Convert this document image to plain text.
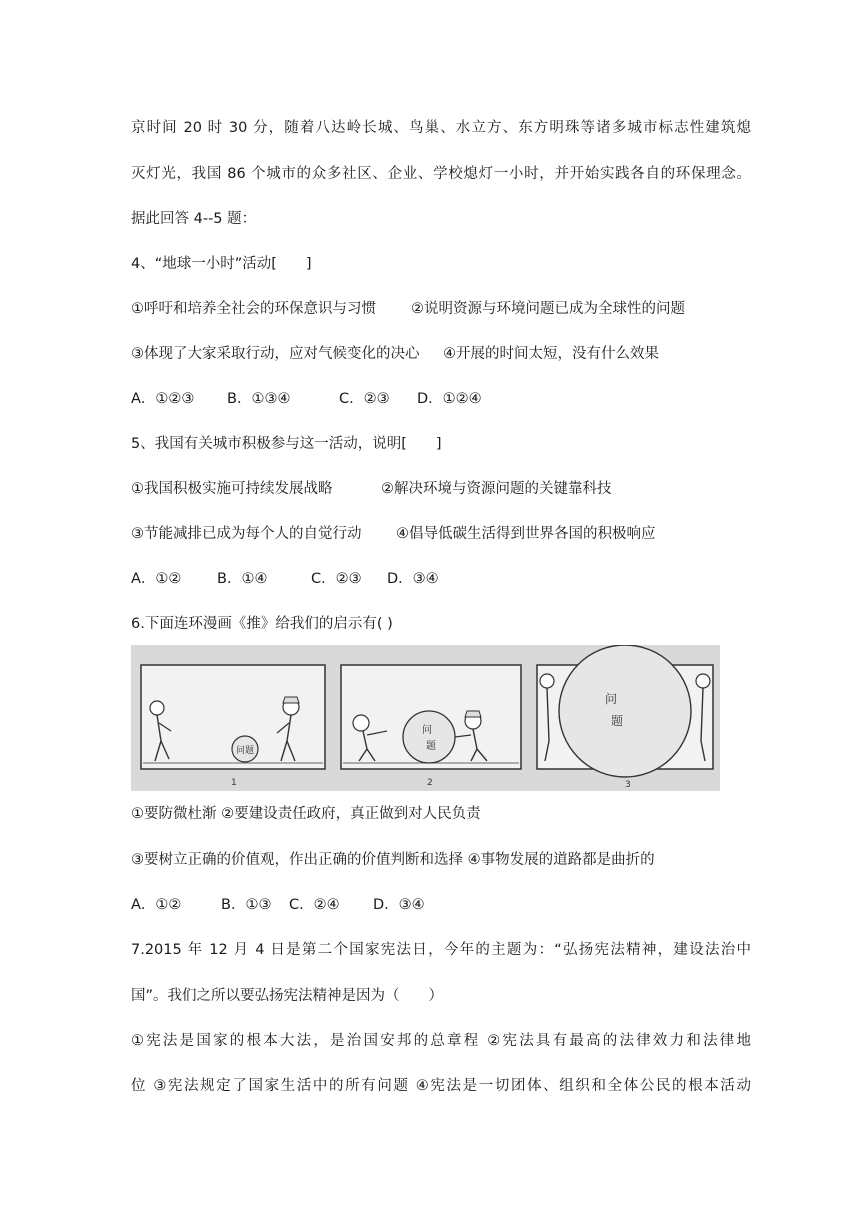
京时间 20 时 30 分，随着八达岭长城、鸟巢、水立方、东方明珠等诸多城市标志性建筑熄
灭灯光，我国 86 个城市的众多社区、企业、学校熄灯一小时，并开始实践各自的环保理念。
据此回答 4--5 题：
4、“地球一小时”活动[　　]
①呼吁和培养全社会的环保意识与习惯 ②说明资源与环境问题已成为全球性的问题
③体现了大家采取行动，应对气候变化的决心 ④开展的时间太短，没有什么效果
A．①②③ B．①③④	C．②③ D．①②④
5、我国有关城市积极参与这一活动，说明[　　]
①我国积极实施可持续发展战略	②解决环境与资源问题的关键靠科技
③节能减排已成为每个人的自觉行动 ④倡导低碳生活得到世界各国的积极响应
A．①② B．①④	C．②③ D．③④
6.下面连环漫画《推》给我们的启示有( )
问题
1
问
题
2
问
题
3
①要防微杜渐 ②要建设责任政府，真正做到对人民负责
③要树立正确的价值观，作出正确的价值判断和选择 ④事物发展的道路都是曲折的
A．①②	B．①③ C．②④ D．③④
7.2015 年 12 月 4 日是第二个国家宪法日，今年的主题为：“弘扬宪法精神，建设法治中
国”。我们之所以要弘扬宪法精神是因为（　　）
①宪法是国家的根本大法，是治国安邦的总章程 ②宪法具有最高的法律效力和法律地
位 ③宪法规定了国家生活中的所有问题 ④宪法是一切团体、组织和全体公民的根本活动
